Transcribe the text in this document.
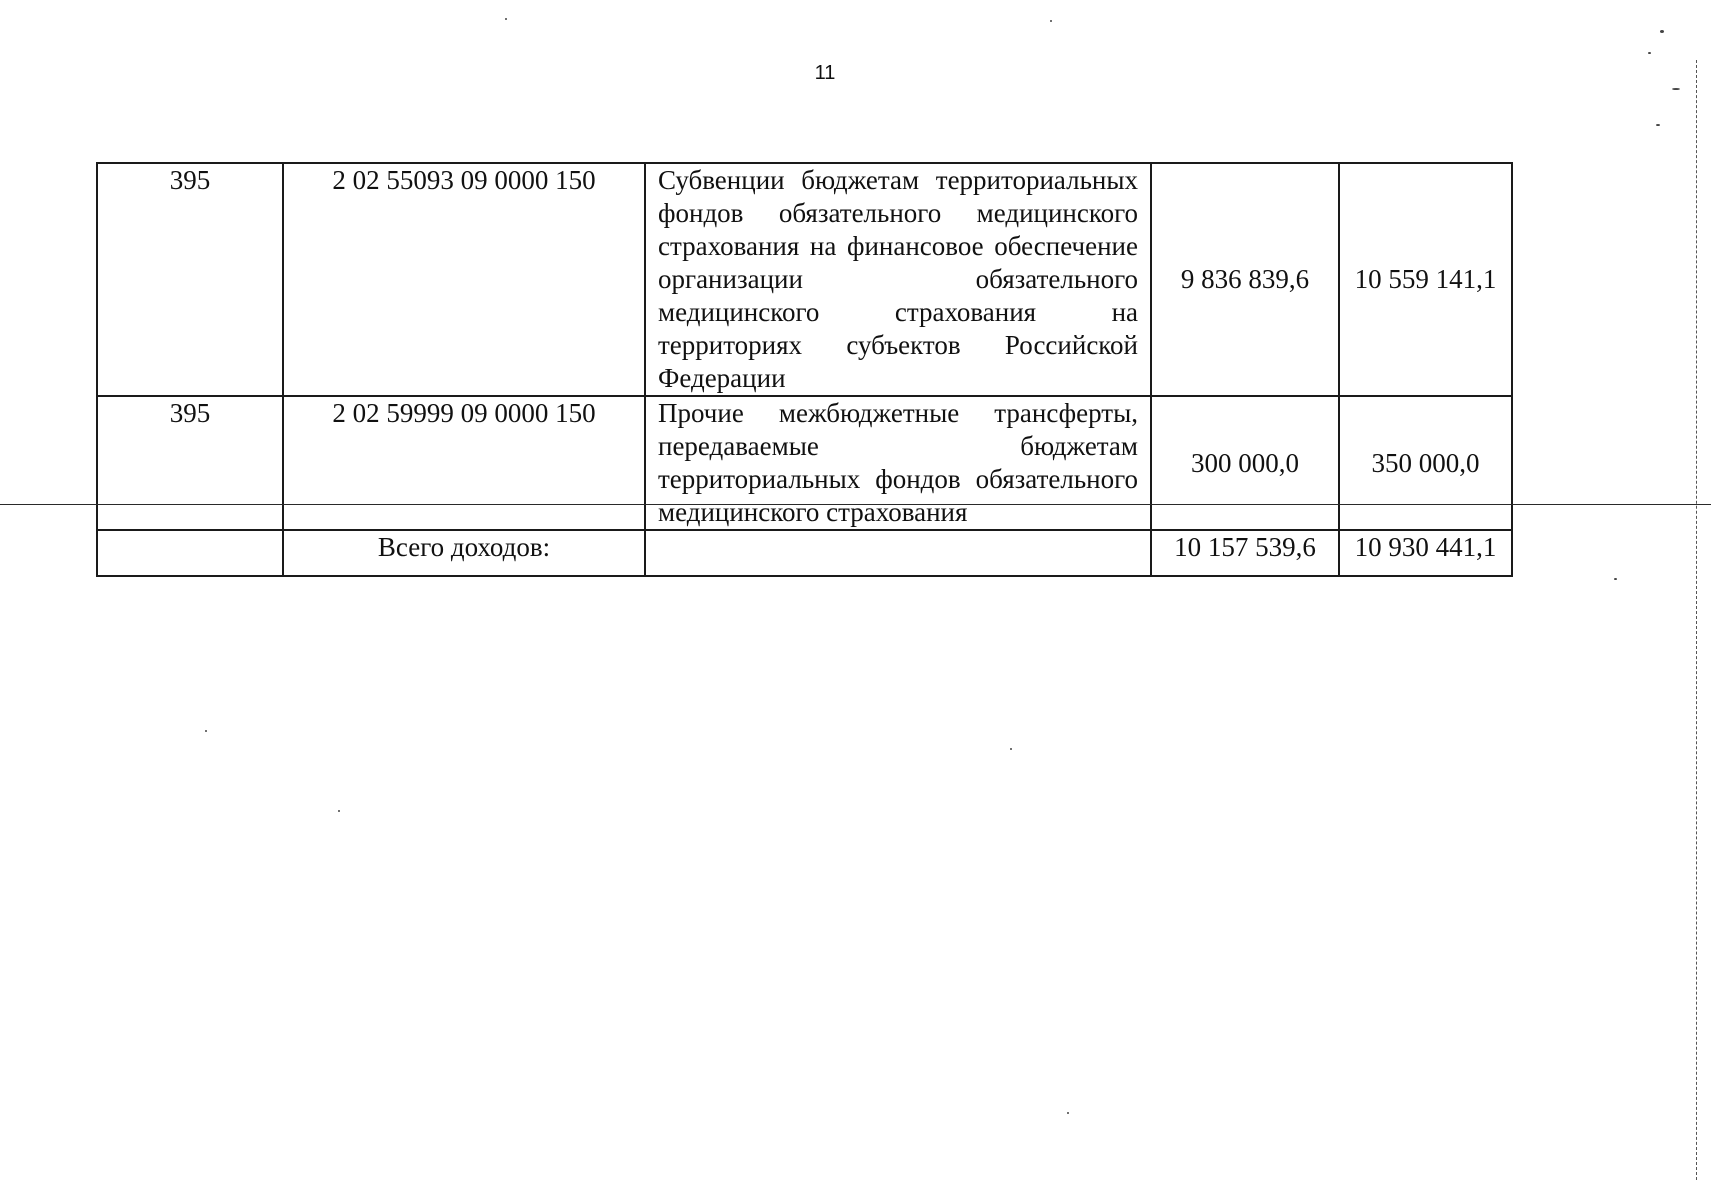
11
395	2 02 55093 09 0000 150	Субвенции бюджетам территориальных фондов обязательного медицинского страхования на финансовое обеспечение организации обязательного медицинского страхования на территориях субъектов Российской Федерации	9 836 839,6	10 559 141,1
395	2 02 59999 09 0000 150	Прочие межбюджетные трансферты, передаваемые бюджетам территориальных фондов обязательного медицинского страхования	300 000,0	350 000,0
	Всего доходов:		10 157 539,6	10 930 441,1
